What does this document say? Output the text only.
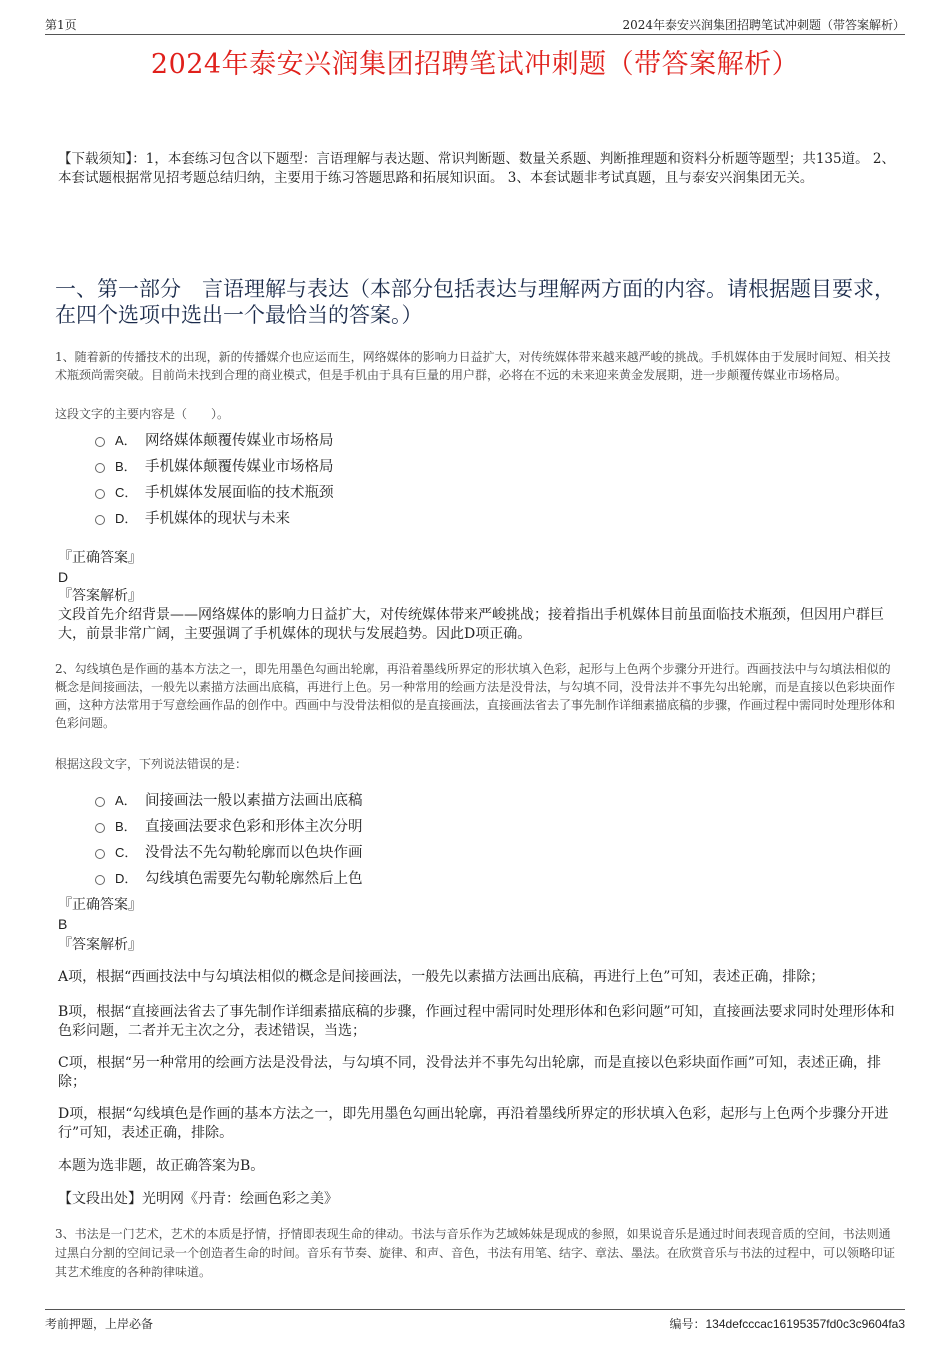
第1页	2024年泰安兴润集团招聘笔试冲刺题（带答案解析）
2024年泰安兴润集团招聘笔试冲刺题（带答案解析）
【下载须知】：1，本套练习包含以下题型：言语理解与表达题、常识判断题、数量关系题、判断推理题和资料分析题等题型；共135道。 2、本套试题根据常见招考题总结归纳，主要用于练习答题思路和拓展知识面。 3、本套试题非考试真题，且与泰安兴润集团无关。
一、第一部分　言语理解与表达（本部分包括表达与理解两方面的内容。请根据题目要求，在四个选项中选出一个最恰当的答案。）
1、随着新的传播技术的出现，新的传播媒介也应运而生，网络媒体的影响力日益扩大，对传统媒体带来越来越严峻的挑战。手机媒体由于发展时间短、相关技术瓶颈尚需突破。目前尚未找到合理的商业模式，但是手机由于具有巨量的用户群，必将在不远的未来迎来黄金发展期，进一步颠覆传媒业市场格局。
这段文字的主要内容是（　　）。
A． 网络媒体颠覆传媒业市场格局
B． 手机媒体颠覆传媒业市场格局
C． 手机媒体发展面临的技术瓶颈
D． 手机媒体的现状与未来
『正确答案』
D
『答案解析』
文段首先介绍背景——网络媒体的影响力日益扩大，对传统媒体带来严峻挑战；接着指出手机媒体目前虽面临技术瓶颈，但因用户群巨大，前景非常广阔，主要强调了手机媒体的现状与发展趋势。因此D项正确。
2、勾线填色是作画的基本方法之一，即先用墨色勾画出轮廓，再沿着墨线所界定的形状填入色彩，起形与上色两个步骤分开进行。西画技法中与勾填法相似的概念是间接画法，一般先以素描方法画出底稿，再进行上色。另一种常用的绘画方法是没骨法，与勾填不同，没骨法并不事先勾出轮廓，而是直接以色彩块面作画，这种方法常用于写意绘画作品的创作中。西画中与没骨法相似的是直接画法，直接画法省去了事先制作详细素描底稿的步骤，作画过程中需同时处理形体和色彩问题。
根据这段文字，下列说法错误的是：
A． 间接画法一般以素描方法画出底稿
B． 直接画法要求色彩和形体主次分明
C． 没骨法不先勾勒轮廓而以色块作画
D． 勾线填色需要先勾勒轮廓然后上色
『正确答案』
B
『答案解析』
A项，根据“西画技法中与勾填法相似的概念是间接画法，一般先以素描方法画出底稿，再进行上色”可知，表述正确，排除；
B项，根据“直接画法省去了事先制作详细素描底稿的步骤，作画过程中需同时处理形体和色彩问题”可知，直接画法要求同时处理形体和色彩问题，二者并无主次之分，表述错误，当选；
C项，根据“另一种常用的绘画方法是没骨法，与勾填不同，没骨法并不事先勾出轮廓，而是直接以色彩块面作画”可知，表述正确，排除；
D项，根据“勾线填色是作画的基本方法之一，即先用墨色勾画出轮廓，再沿着墨线所界定的形状填入色彩，起形与上色两个步骤分开进行”可知，表述正确，排除。
本题为选非题，故正确答案为B。
【文段出处】光明网《丹青：绘画色彩之美》
3、书法是一门艺术，艺术的本质是抒情，抒情即表现生命的律动。书法与音乐作为艺域姊妹是现成的参照，如果说音乐是通过时间表现音质的空间，书法则通过黑白分割的空间记录一个创造者生命的时间。音乐有节奏、旋律、和声、音色，书法有用笔、结字、章法、墨法。在欣赏音乐与书法的过程中，可以领略印证其艺术维度的各种韵律味道。
考前押题，上岸必备	编号：134defcccac16195357fd0c3c9604fa3
